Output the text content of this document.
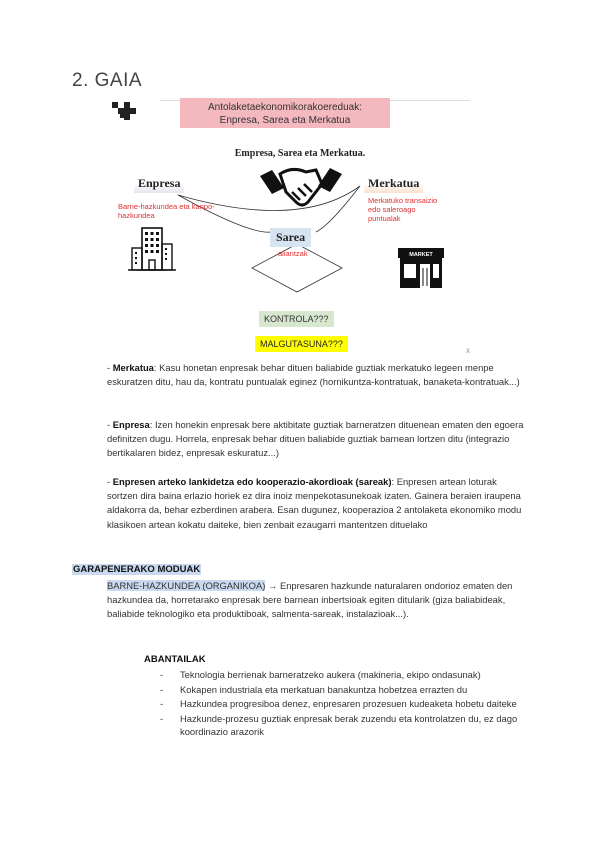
2. GAIA
Antolaketaekonomikorakoereduak:
Enpresa, Sarea eta Merkatua
Empresa, Sarea eta Merkatua.
Enpresa
Barne-hazkundea eta kanpo-hazkundea
Merkatua
Merkatuko transaizio edo saleroago puntualak
Sarea
aliantzak	MARKET
KONTROLA???
MALGUTASUNA???
x
- Merkatua: Kasu honetan enpresak behar dituen baliabide guztiak merkatuko legeen menpe eskuratzen ditu, hau da, kontratu puntualak eginez (hornikuntza-kontratuak, banaketa-kontratuak...)
- Enpresa: Izen honekin enpresak bere aktibitate guztiak barneratzen dituenean ematen den egoera definitzen dugu. Horrela, enpresak behar dituen baliabide guztiak barnean lortzen ditu (integrazio bertikalaren bidez, enpresak eskuratuz...)
- Enpresen arteko lankidetza edo kooperazio-akordioak (sareak): Enpresen artean loturak sortzen dira baina erlazio horiek ez dira inoiz menpekotasunekoak izaten. Gainera beraien iraupena aldakorra da, behar ezberdinen arabera. Esan dugunez, kooperazioa 2 antolaketa ekonomiko modu klasikoen artean kokatu daiteke, bien zenbait ezaugarri mantentzen dituelako
GARAPENERAKO MODUAK
BARNE-HAZKUNDEA (ORGANIKOA) → Enpresaren hazkunde naturalaren ondorioz ematen den hazkundea da, horretarako enpresak bere barnean inbertsioak egiten ditularik (giza baliabideak, baliabide teknologiko eta produktiboak, salmenta-sareak, instalazioak...).
ABANTAILAK
- Teknologia berrienak barneratzeko aukera (makineria, ekipo ondasunak)
- Kokapen industriala eta merkatuan banakuntza hobetzea errazten du
- Hazkundea progresiboa denez, enpresaren prozesuen kudeaketa hobetu daiteke
- Hazkunde-prozesu guztiak enpresak berak zuzendu eta kontrolatzen du, ez dago koordinazio arazorik
